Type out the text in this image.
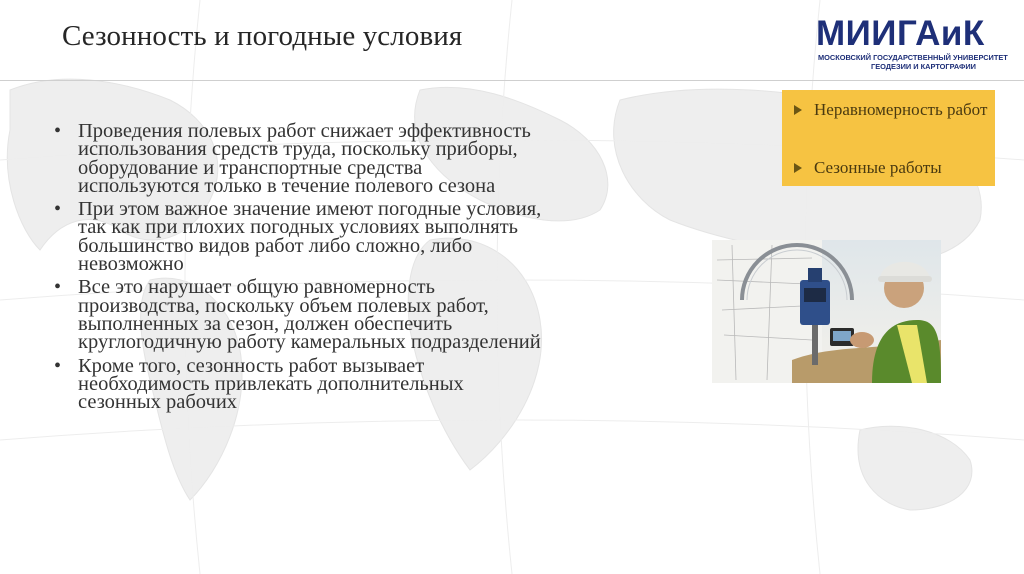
Сезонность и погодные условия	МИИГАиК
МОСКОВСКИЙ ГОСУДАРСТВЕННЫЙ УНИВЕРСИТЕТ
ГЕОДЕЗИИ И КАРТОГРАФИИ
• Проведения полевых работ снижает эффективность использования средств труда, поскольку приборы, оборудование и транспортные средства используются только в течение полевого сезона
• При этом важное значение имеют погодные условия, так как при плохих погодных условиях выполнять большинство видов работ либо сложно, либо невозможно
• Все это нарушает общую равномерность производства, поскольку объем полевых работ, выполненных за сезон, должен обеспечить круглогодичную работу камеральных подразделений
• Кроме того, сезонность работ вызывает необходимость привлекать дополнительных сезонных рабочих
Неравномерность работ
Сезонные работы
